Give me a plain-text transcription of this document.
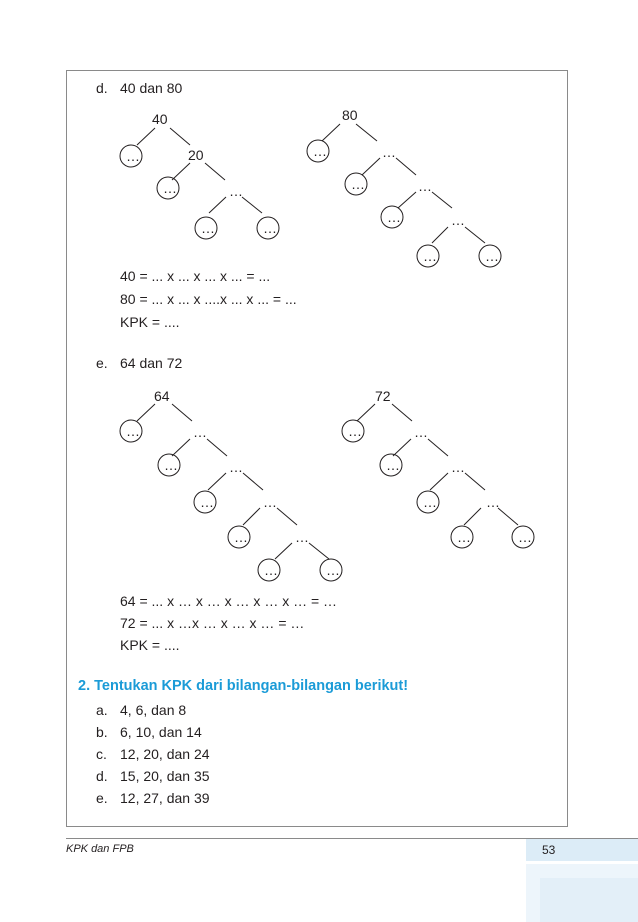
d. 40 dan 80
40
…	20
…	…
…	…
80
…	…
…	…
…	…
…	…
40 = ... x ... x ... x ... = ...
80 = ... x ... x ....x ... x ... = ...
KPK = ....
e. 64 dan 72
64
…	…
…	…
…	…
…	…
…	…
72
…	…
…	…
…	…
…	…
64 = ... x … x … x … x … x … = …
72 = ... x …x … x … x … = …
KPK = ....
2. Tentukan KPK dari bilangan-bilangan berikut!
a. 4, 6, dan 8
b. 6, 10, dan 14
c. 12, 20, dan 24
d. 15, 20, dan 35
e. 12, 27, dan 39
KPK dan FPB	53
